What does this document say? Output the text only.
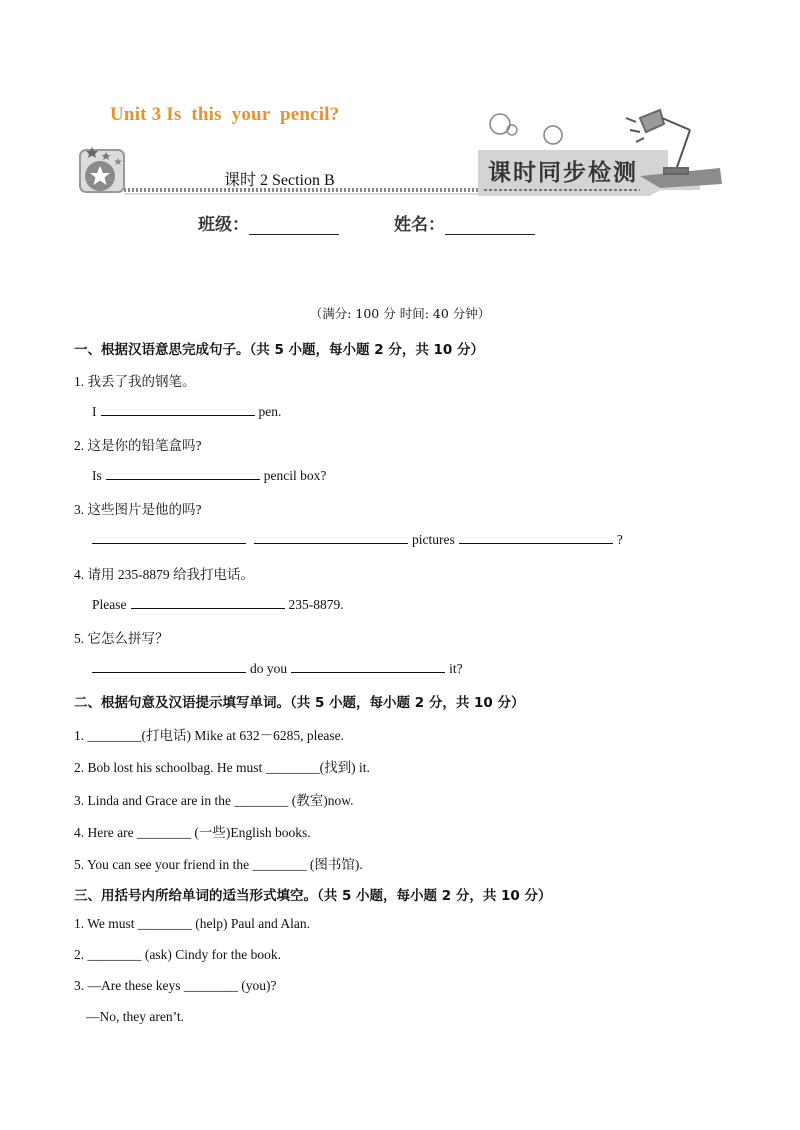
Unit 3 Is  this  your  pencil?
课时 2 Section B	课时同步检测
班级：	姓名：
（满分: 100 分 时间: 40 分钟）
一、根据汉语意思完成句子。（共 5 小题，每小题 2 分，共 10 分）
1. 我丢了我的钢笔。
I	pen.
2. 这是你的铅笔盒吗?
Is	pencil box?
3. 这些图片是他的吗?
pictures	?
4. 请用 235-8879 给我打电话。
Please	235-8879.
5. 它怎么拼写？
do you	it?
二、根据句意及汉语提示填写单词。（共 5 小题，每小题 2 分，共 10 分）
1. ________(打电话) Mike at 632－6285, please.
2. Bob lost his schoolbag. He must ________(找到) it.
3. Linda and Grace are in the ________ (教室)now.
4. Here are ________ (一些)English books.
5. You can see your friend in the ________ (图书馆).
三、用括号内所给单词的适当形式填空。（共 5 小题，每小题 2 分，共 10 分）
1. We must ________ (help) Paul and Alan.
2. ________ (ask) Cindy for the book.
3. —Are these keys ________ (you)?
—No, they aren’t.
